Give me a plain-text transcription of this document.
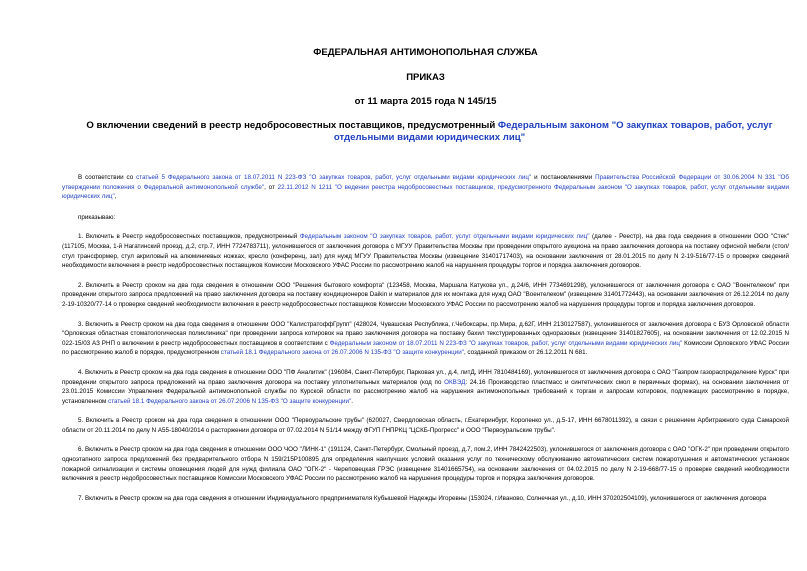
ФЕДЕРАЛЬНАЯ АНТИМОНОПОЛЬНАЯ СЛУЖБА
ПРИКАЗ
от 11 марта 2015 года N 145/15
О включении сведений в реестр недобросовестных поставщиков, предусмотренный Федеральным законом "О закупках товаров, работ, услуг отдельными видами юридических лиц"

В соответствии со статьей 5 Федерального закона от 18.07.2011 N 223-ФЗ "О закупках товаров, работ, услуг отдельными видами юридических лиц" и постановлениями Правительства Российской Федерации от 30.06.2004 N 331 "Об утверждении положения о Федеральной антимонопольной службе", от 22.11.2012 N 1211 "О ведении реестра недобросовестных поставщиков, предусмотренного Федеральным законом "О закупках товаров, работ, услуг отдельными видами юридических лиц",

приказываю:

1. Включить в Реестр недобросовестных поставщиков, предусмотренный Федеральным законом "О закупках товаров, работ, услуг отдельными видами юридических лиц" (далее - Реестр), на два года сведения в отношении ООО "Стек" (117105, Москва, 1-й Нагатинский проезд, д.2, стр.7, ИНН 7724783711), уклонившегося от заключения договора с МГУУ Правительства Москвы при проведении открытого аукциона на право заключения договора на поставку офисной мебели (стол/стул трансформер, стул акриловый на алюминиевых ножках, кресло (конференц, зал) для нужд МГУУ Правительства Москвы (извещение 31401717403), на основании заключения от 28.01.2015 по делу N 2-19-516/77-15 о проверке сведений необходимости включения в реестр недобросовестных поставщиков Комиссии Московского УФАС России по рассмотрению жалоб на нарушения процедуры торгов и порядка заключения договоров.

2. Включить в Реестр сроком на два года сведения в отношении ООО "Решения бытового комфорта" (123458, Москва, Маршала Катукова ул., д.24/6, ИНН 7734691298), уклонившегося от заключения договора с ОАО "Воентелеком" при проведении открытого запроса предложений на право заключения договора на поставку кондиционеров Daikin и материалов для их монтажа для нужд ОАО "Воентелеком" (извещение 31401772443), на основании заключения от 26.12.2014 по делу 2-19-10320/77-14 о проверке сведений необходимости включения в реестр недобросовестных поставщиков Комиссии Московского УФАС России по рассмотрению жалоб на нарушения процедуры торгов и порядка заключения договоров.

3. Включить в Реестр сроком на два года сведения в отношении ООО "КалистратоффГрупп" (428024, Чувашская Республика, г.Чебоксары, пр.Мира, д.62Г, ИНН 2130127587), уклонившегося от заключения договора с БУЗ Орловской области "Орловская областная стоматологическая поликлиника" при проведении запроса котировок на право заключения договора на поставку бахил текстурированных одноразовых (извещение 31401827605), на основании заключения от 12.02.2015 N 022-15/03 АЗ РНП о включении в реестр недобросовестных поставщиков в соответствии с Федеральным законом от 18.07.2011 N 223-ФЗ "О закупках товаров, работ, услуг отдельными видами юридических лиц" Комиссии Орловского УФАС России по рассмотрению жалоб в порядке, предусмотренном статьей 18.1 Федерального закона от 26.07.2006 N 135-ФЗ "О защите конкуренции", созданной приказом от 26.12.2011 N 681.

4. Включить в Реестр сроком на два года сведения в отношении ООО "ПФ Аналитик" (196084, Санкт-Петербург, Парковая ул., д.4, литД, ИНН 7810484169), уклонившегося от заключения договора с ОАО "Газпром газораспределение Курск" при проведении открытого запроса предложений на право заключения договора на поставку уплотнительных материалов (код по ОКВЭД: 24.16 Производство пластмасс и синтетических смол в первичных формах), на основании заключения от 23.01.2015 Комиссии Управления Федеральной антимонопольной службы по Курской области по рассмотрению жалоб на нарушения антимонопольных требований к торгам и запросам котировок, подлежащих рассмотрению в порядке, установленном статьей 18.1 Федерального закона от 26.07.2006 N 135-ФЗ "О защите конкуренции".

5. Включить в Реестр сроком на два года сведения в отношении ООО "Первоуральские трубы" (620027, Свердловская область, г.Екатеринбург, Короленко ул., д.5-17, ИНН 6678011392), в связи с решением Арбитражного суда Самарской области от 20.11.2014 по делу N А55-18040/2014 о расторжении договора от 07.02.2014 N 51/14 между ФГУП ГНПРКЦ "ЦСКБ-Прогресс" и ООО "Первоуральские трубы".

6. Включить в Реестр сроком на два года сведения в отношении ООО ЧОО "ЛИНК-1" (191124, Санкт-Петербург, Смольный проезд, д.7, пом.2, ИНН 7842422503), уклонившегося от заключения договора с ОАО "ОГК-2" при проведении открытого одноэтапного запроса предложений без предварительного отбора N 159/215Р100895 для определения наилучших условий оказания услуг по техническому обслуживанию автоматических систем пожаротушения и автоматических установок пожарной сигнализации и системы оповещения людей для нужд филиала ОАО "ОГК-2" - Череповецкая ГРЭС (извещение 31401665754), на основании заключения от 04.02.2015 по делу N 2-19-668/77-15 о проверке сведений необходимости включения в реестр недобросовестных поставщиков Комиссии Московского УФАС России по рассмотрению жалоб на нарушения процедуры торгов и порядка заключения договоров.

7. Включить в Реестр сроком на два года сведения в отношении Индивидуального предпринимателя Кубышевой Надежды Игоревны (153024, г.Иваново, Солнечная ул., д.10, ИНН 370202504109), уклонившегося от заключения договора
